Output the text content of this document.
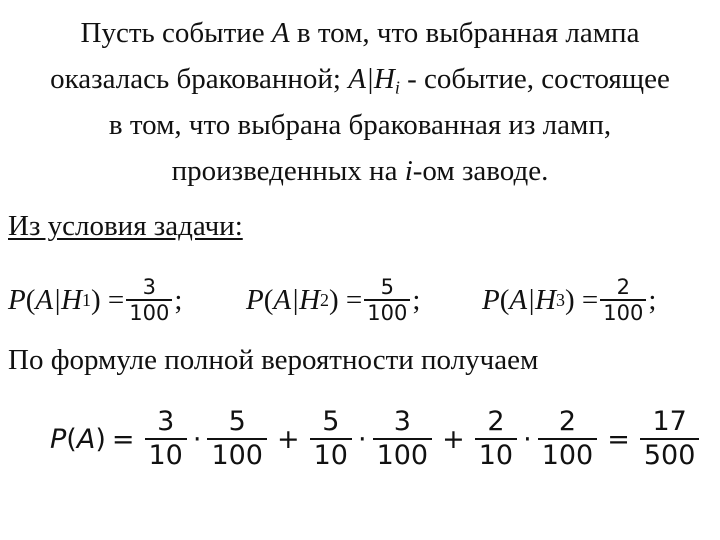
Пусть событие A в том, что выбранная лампа
оказалась бракованной; $A|H_i$ - событие, состоящее
в том, что выбрана бракованная из ламп,
произведенных на i-ом заводе.
Из условия задачи:
P ( A|H 1 ) = $\frac{3}{100}$ ; P ( A|H 2 ) = $\frac{5}{100}$ ; P ( A|H 3 ) = $\frac{2}{100}$ ;
По формуле полной вероятности получаем
$P(A) = \frac{3}{10} \cdot \frac{5}{100} + \frac{5}{10} \cdot \frac{3}{100} + \frac{2}{10} \cdot \frac{2}{100} = \frac{17}{500}$
